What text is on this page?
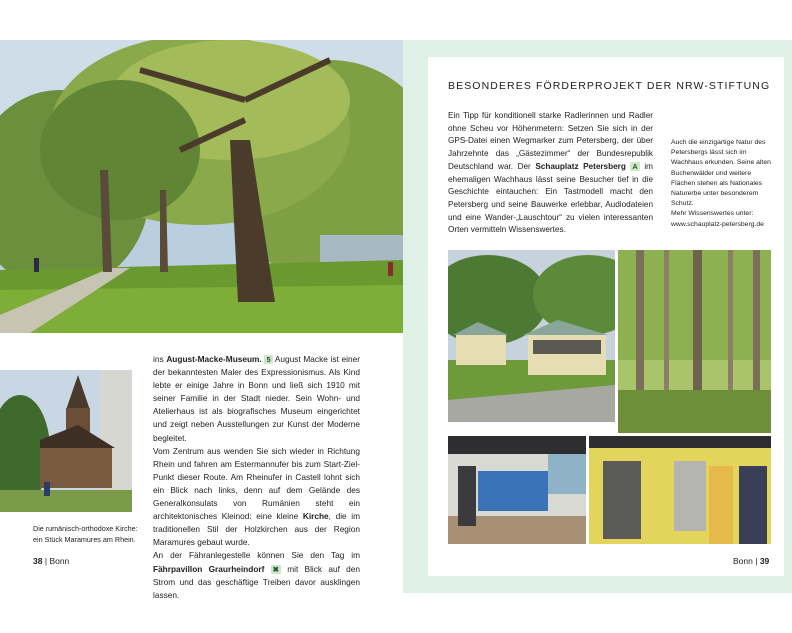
Die rumänisch-orthodoxe Kirche: ein Stück Maramures am Rhein.
ins August-Macke-Museum. 5 August Macke ist einer der bekanntesten Maler des Expressionismus. Als Kind lebte er einige Jahre in Bonn und ließ sich 1910 mit seiner Familie in der Stadt nieder. Sein Wohn- und Atelierhaus ist als biografisches Museum eingerichtet und zeigt neben Ausstellungen zur Kunst der Moderne begleitet.
Vom Zentrum aus wenden Sie sich wieder in Richtung Rhein und fahren am Estermannufer bis zum Start-Ziel-Punkt dieser Route. Am Rheinufer in Castell lohnt sich ein Blick nach links, denn auf dem Gelände des Generalkonsulats von Rumänien steht ein architektonisches Kleinod: eine kleine Kirche, die im traditionellen Stil der Holzkirchen aus der Region Maramures gebaut wurde.
An der Fähranlegestelle können Sie den Tag im Fährpavillon Graurheindorf ✖ mit Blick auf den Strom und das geschäftige Treiben davor ausklingen lassen.
38 | Bonn
BESONDERES FÖRDERPROJEKT DER NRW-STIFTUNG
Ein Tipp für konditionell starke Radlerinnen und Radler ohne Scheu vor Höhenmetern: Setzen Sie sich in der GPS-Datei einen Wegmarker zum Petersberg, der über Jahrzehnte das „Gästezimmer“ der Bundesrepublik Deutschland war. Der Schauplatz Petersberg A im ehemaligen Wachhaus lässt seine Besucher tief in die Geschichte eintauchen: Ein Tastmodell macht den Petersberg und seine Bauwerke erlebbar, Audiodateien und eine Wander-„Lauschtour“ zu vielen interessanten Orten vermitteln Wissenswertes.
Auch die einzigartige Natur des Petersbergs lässt sich im Wachhaus erkunden. Seine alten Buchenwälder und weitere Flächen stehen als Nationales Naturerbe unter besonderem Schutz.
Mehr Wissenswertes unter:
www.schauplatz-petersberg.de
Bonn | 39
